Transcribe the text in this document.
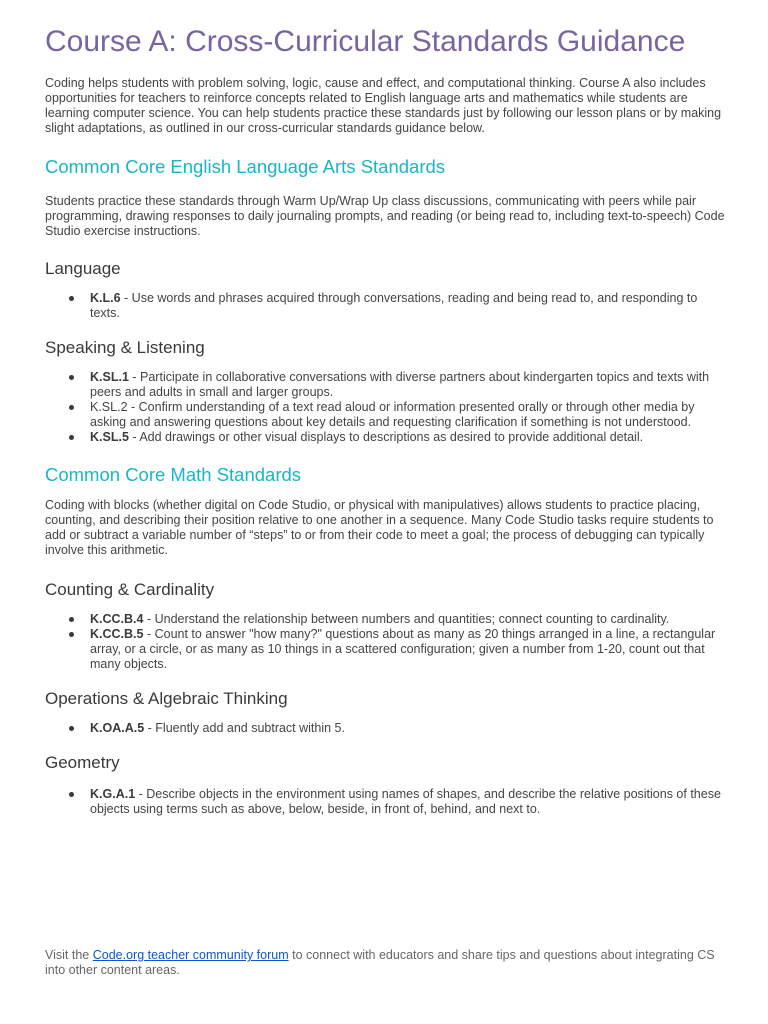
Course A: Cross-Curricular Standards Guidance

Coding helps students with problem solving, logic, cause and effect, and computational thinking. Course A also includes opportunities for teachers to reinforce concepts related to English language arts and mathematics while students are learning computer science. You can help students practice these standards just by following our lesson plans or by making slight adaptations, as outlined in our cross-curricular standards guidance below.

Common Core English Language Arts Standards

Students practice these standards through Warm Up/Wrap Up class discussions, communicating with peers while pair programming, drawing responses to daily journaling prompts, and reading (or being read to, including text-to-speech) Code Studio exercise instructions.

Language
K.L.6 - Use words and phrases acquired through conversations, reading and being read to, and responding to texts.
Speaking & Listening
K.SL.1 - Participate in collaborative conversations with diverse partners about kindergarten topics and texts with peers and adults in small and larger groups.
K.SL.2 - Confirm understanding of a text read aloud or information presented orally or through other media by asking and answering questions about key details and requesting clarification if something is not understood.
K.SL.5 - Add drawings or other visual displays to descriptions as desired to provide additional detail.
Common Core Math Standards

Coding with blocks (whether digital on Code Studio, or physical with manipulatives) allows students to practice placing, counting, and describing their position relative to one another in a sequence. Many Code Studio tasks require students to add or subtract a variable number of “steps” to or from their code to meet a goal; the process of debugging can typically involve this arithmetic.

Counting & Cardinality
K.CC.B.4 - Understand the relationship between numbers and quantities; connect counting to cardinality.
K.CC.B.5 - Count to answer "how many?" questions about as many as 20 things arranged in a line, a rectangular array, or a circle, or as many as 10 things in a scattered configuration; given a number from 1-20, count out that many objects.
Operations & Algebraic Thinking
K.OA.A.5 - Fluently add and subtract within 5.
Geometry
K.G.A.1 - Describe objects in the environment using names of shapes, and describe the relative positions of these objects using terms such as above, below, beside, in front of, behind, and next to.
Visit the Code.org teacher community forum to connect with educators and share tips and questions about integrating CS into other content areas.
